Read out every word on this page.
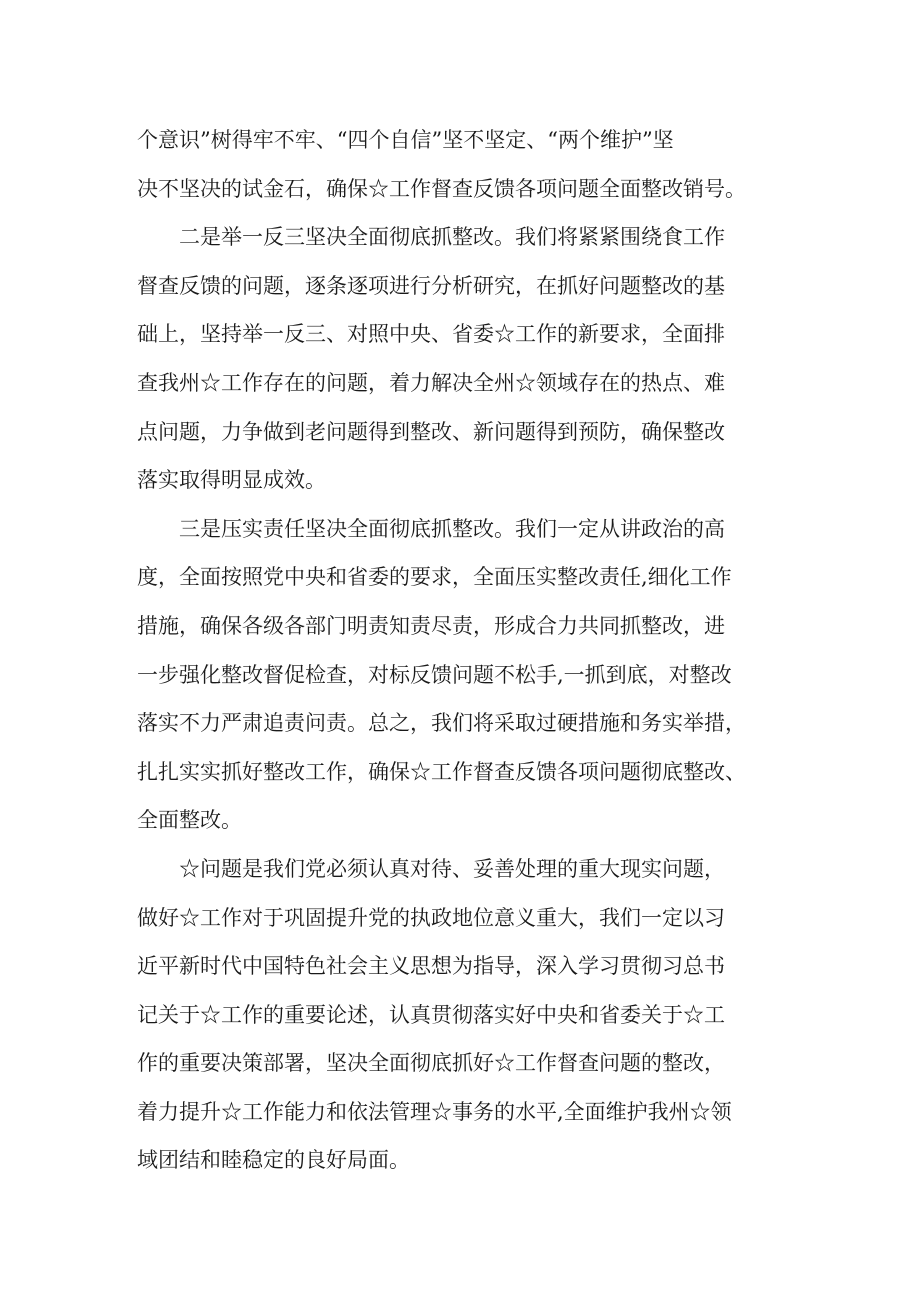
个意识”树得牢不牢、“四个自信”坚不坚定、“两个维护”坚
决不坚决的试金石，确保☆工作督查反馈各项问题全面整改销号。
　　二是举一反三坚决全面彻底抓整改。我们将紧紧围绕食工作
督查反馈的问题，逐条逐项进行分析研究，在抓好问题整改的基
础上，坚持举一反三、对照中央、省委☆工作的新要求，全面排
查我州☆工作存在的问题，着力解决全州☆领域存在的热点、难
点问题，力争做到老问题得到整改、新问题得到预防，确保整改
落实取得明显成效。
　　三是压实责任坚决全面彻底抓整改。我们一定从讲政治的高
度，全面按照党中央和省委的要求，全面压实整改责任,细化工作
措施，确保各级各部门明责知责尽责，形成合力共同抓整改，进
一步强化整改督促检查，对标反馈问题不松手,一抓到底，对整改
落实不力严肃追责问责。总之，我们将采取过硬措施和务实举措，
扎扎实实抓好整改工作，确保☆工作督查反馈各项问题彻底整改、
全面整改。
　　☆问题是我们党必须认真对待、妥善处理的重大现实问题，
做好☆工作对于巩固提升党的执政地位意义重大，我们一定以习
近平新时代中国特色社会主义思想为指导，深入学习贯彻习总书
记关于☆工作的重要论述，认真贯彻落实好中央和省委关于☆工
作的重要决策部署，坚决全面彻底抓好☆工作督查问题的整改，
着力提升☆工作能力和依法管理☆事务的水平,全面维护我州☆领
域团结和睦稳定的良好局面。
